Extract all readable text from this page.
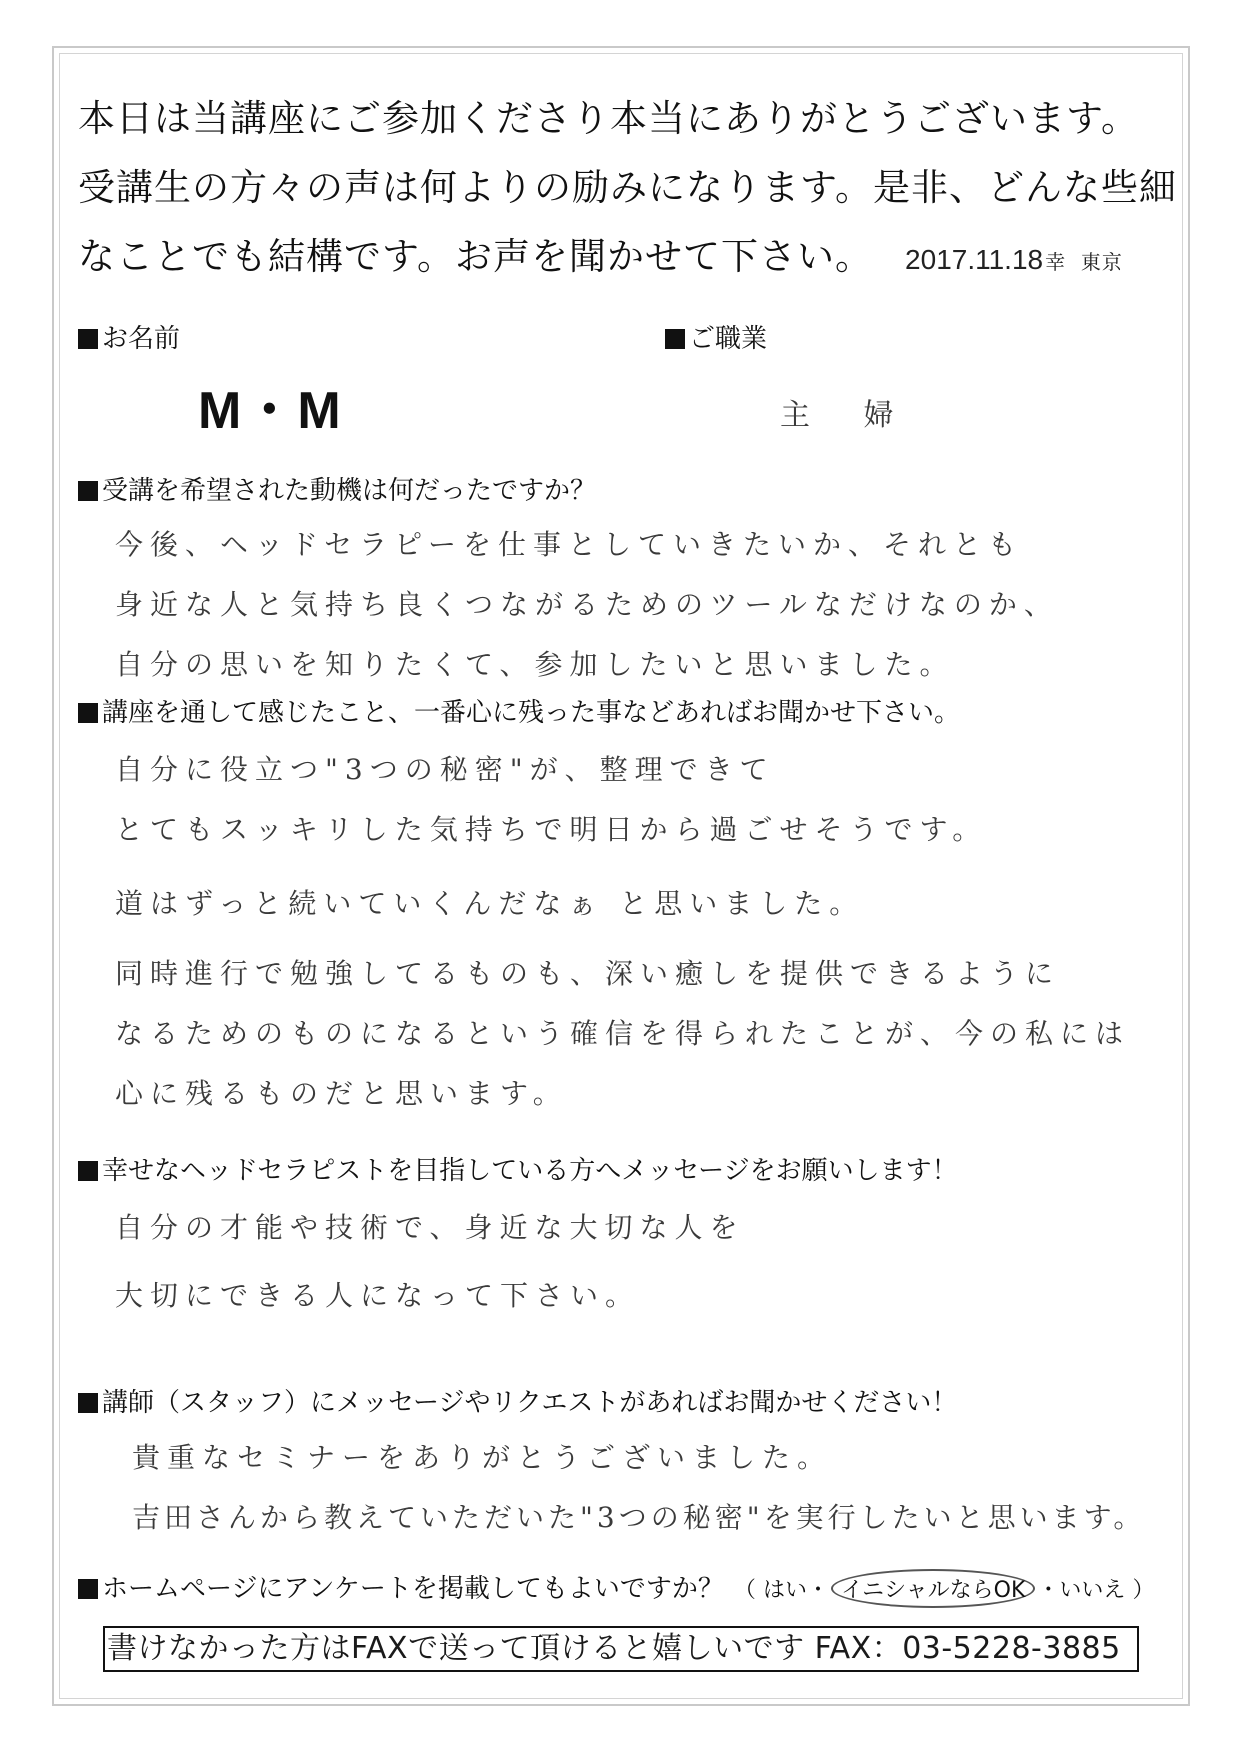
本日は当講座にご参加くださり本当にありがとうございます。
受講生の方々の声は何よりの励みになります。是非、どんな些細
なことでも結構です。お声を聞かせて下さい。 2017.11.18 幸 東京
お名前
M・M
ご職業
主 婦
受講を希望された動機は何だったですか？
今後、ヘッドセラピーを仕事としていきたいか、それとも
身近な人と気持ち良くつながるためのツールなだけなのか、
自分の思いを知りたくて、参加したいと思いました。
講座を通して感じたこと、一番心に残った事などあればお聞かせ下さい。
自分に役立つ"3つの秘密"が、整理できて
とてもスッキリした気持ちで明日から過ごせそうです。
道はずっと続いていくんだなぁ と思いました。
同時進行で勉強してるものも、深い癒しを提供できるように
なるためのものになるという確信を得られたことが、今の私には
心に残るものだと思います。
幸せなヘッドセラピストを目指している方へメッセージをお願いします！
自分の才能や技術で、身近な大切な人を
大切にできる人になって下さい。
講師（スタッフ）にメッセージやリクエストがあればお聞かせください！
貴重なセミナーをありがとうございました。
吉田さんから教えていただいた"3つの秘密"を実行したいと思います。
ホームページにアンケートを掲載してもよいですか？ （ はい・ イニシャルならOK ・いいえ ）
書けなかった方はFAXで送って頂けると嬉しいです FAX：03-5228-3885
